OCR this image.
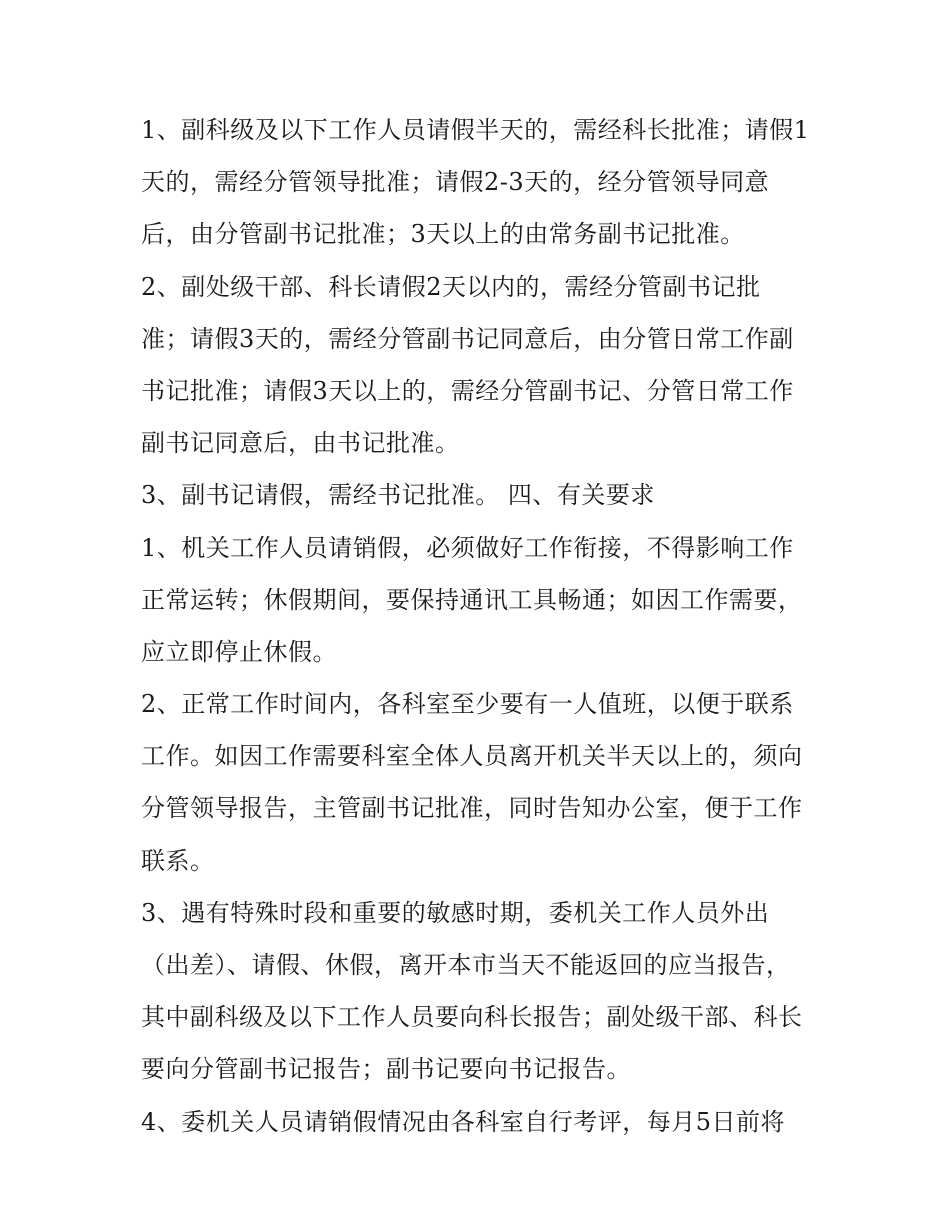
1、副科级及以下工作人员请假半天的，需经科长批准；请假1
天的，需经分管领导批准；请假2-3天的，经分管领导同意
后，由分管副书记批准；3天以上的由常务副书记批准。
2、副处级干部、科长请假2天以内的，需经分管副书记批
准；请假3天的，需经分管副书记同意后，由分管日常工作副
书记批准；请假3天以上的，需经分管副书记、分管日常工作
副书记同意后，由书记批准。
3、副书记请假，需经书记批准。 四、有关要求
1、机关工作人员请销假，必须做好工作衔接，不得影响工作
正常运转；休假期间，要保持通讯工具畅通；如因工作需要，
应立即停止休假。
2、正常工作时间内，各科室至少要有一人值班，以便于联系
工作。如因工作需要科室全体人员离开机关半天以上的，须向
分管领导报告，主管副书记批准，同时告知办公室，便于工作
联系。
3、遇有特殊时段和重要的敏感时期，委机关工作人员外出
（出差）、请假、休假，离开本市当天不能返回的应当报告，
其中副科级及以下工作人员要向科长报告；副处级干部、科长
要向分管副书记报告；副书记要向书记报告。
4、委机关人员请销假情况由各科室自行考评，每月5日前将
